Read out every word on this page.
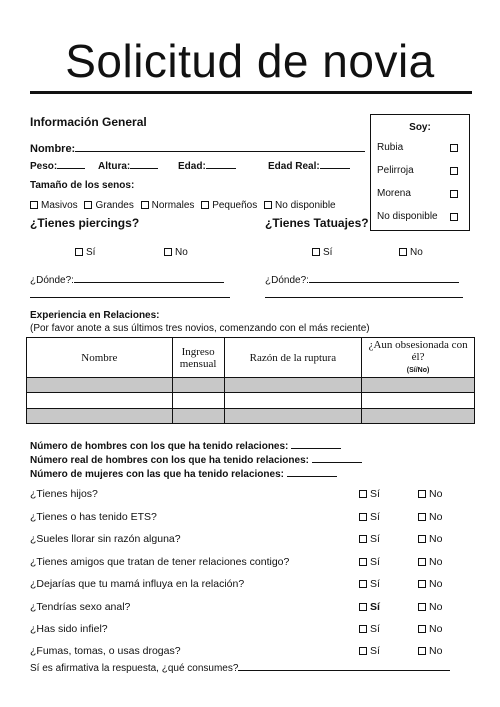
Solicitud de novia
Información General
Nombre:
Peso:	Altura:	Edad:	Edad Real:
Tamaño de los senos:
Masivos Grandes Normales Pequeños No disponible
Soy:
Rubia
Pelirroja
Morena
No disponible
¿Tienes piercings?	¿Tienes Tatuajes?
Sí	No	Sí	No
¿Dónde?:	¿Dónde?:
Experiencia en Relaciones:
(Por favor anote a sus últimos tres novios, comenzando con el más reciente)
Nombre	Ingreso mensual	Razón de la ruptura	¿Aun obsesionada con él?
(Sí/No)

Número de hombres con los que ha tenido relaciones:
Número real de hombres con los que ha tenido relaciones:
Número de mujeres con las que ha tenido relaciones:
¿Tienes hijos?	Sí	No
¿Tienes o has tenido ETS?	Sí	No
¿Sueles llorar sin razón alguna?	Sí	No
¿Tienes amigos que tratan de tener relaciones contigo?	Sí	No
¿Dejarías que tu mamá influya en la relación?	Sí	No
¿Tendrías sexo anal?	Sí	No
¿Has sido infiel?	Sí	No
¿Fumas, tomas, o usas drogas?	Sí	No
Sí es afirmativa la respuesta, ¿qué consumes?
